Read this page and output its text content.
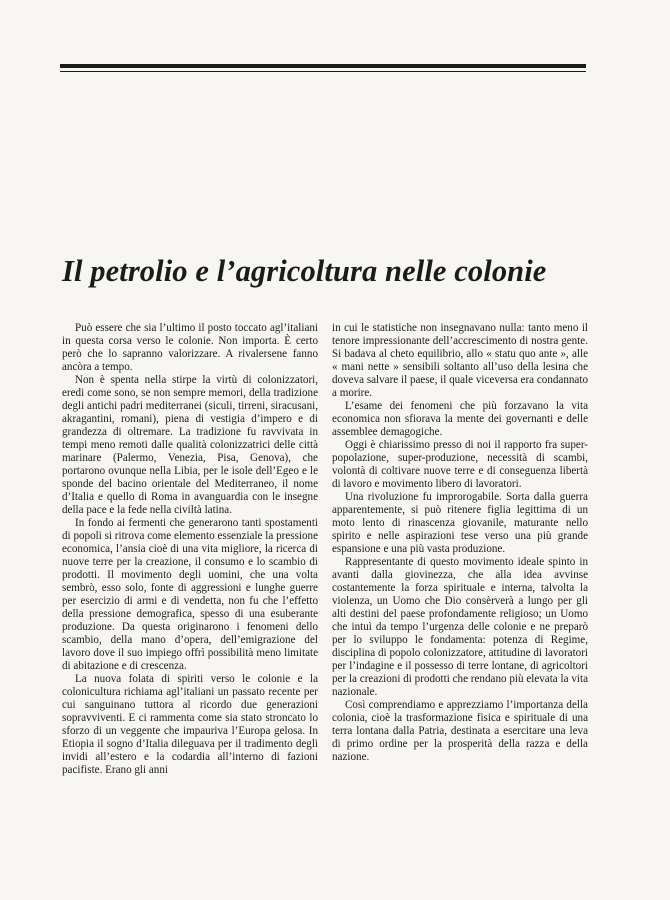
Il petrolio e l’agricoltura nelle colonie

Può essere che sia l’ultimo il posto toccato agl’italiani in questa corsa verso le colonie. Non importa. È certo però che lo sapranno valorizzare. A rivalersene fanno ancòra a tempo.

Non è spenta nella stirpe la virtù di colonizzatori, eredi come sono, se non sempre memori, della tradizione degli antichi padri mediterranei (siculi, tirreni, siracusani, akragantini, romani), piena di vestigia d’impero e di grandezza di oltremare. La tradizione fu ravvivata in tempi meno remoti dalle qualità colonizzatrici delle città marinare (Palermo, Venezia, Pisa, Genova), che portarono ovunque nella Libia, per le isole dell’Egeo e le sponde del bacino orientale del Mediterraneo, il nome d’Italia e quello di Roma in avanguardia con le insegne della pace e la fede nella civiltà latina.

In fondo ai fermenti che generarono tanti spostamenti di popoli si ritrova come elemento essenziale la pressione economica, l’ansia cioè di una vita migliore, la ricerca di nuove terre per la creazione, il consumo e lo scambio di prodotti. Il movimento degli uomini, che una volta sembrò, esso solo, fonte di aggressioni e lunghe guerre per esercizio di armi e di vendetta, non fu che l’effetto della pressione demografica, spesso di una esuberante produzione. Da questa originarono i fenomeni dello scambio, della mano d’opera, dell’emigrazione del lavoro dove il suo impiego offrì possibilità meno limitate di abitazione e di crescenza.

La nuova folata di spiriti verso le colonie e la colonicultura richiama agl’italiani un passato recente per cui sanguinano tuttora al ricordo due generazioni sopravviventi. E ci rammenta come sia stato stroncato lo sforzo di un veggente che impauriva l’Europa gelosa. In Etiopia il sogno d’Italia dileguava per il tradimento degli invidi all’estero e la codardia all’interno di fazioni pacifiste. Erano gli anni

in cui le statistiche non insegnavano nulla: tanto meno il tenore impressionante dell’accrescimento di nostra gente. Si badava al cheto equilibrio, allo « statu quo ante », alle « mani nette » sensibili soltanto all’uso della lesina che doveva salvare il paese, il quale viceversa era condannato a morire.

L’esame dei fenomeni che più forzavano la vita economica non sfiorava la mente dei governanti e delle assemblee demagogiche.

Oggi è chiarissimo presso di noi il rapporto fra super-popolazione, super-produzione, necessità di scambi, volontà di coltivare nuove terre e di conseguenza libertà di lavoro e movimento libero di lavoratori.

Una rivoluzione fu improrogabile. Sorta dalla guerra apparentemente, si può ritenere figlia legittima di un moto lento di rinascenza giovanile, maturante nello spirito e nelle aspirazioni tese verso una più grande espansione e una più vasta produzione.

Rappresentante di questo movimento ideale spinto in avanti dalla giovinezza, che alla idea avvinse costantemente la forza spirituale e interna, talvolta la violenza, un Uomo che Dio consèrverà a lungo per gli alti destini del paese profondamente religioso; un Uomo che intuì da tempo l’urgenza delle colonie e ne preparò per lo sviluppo le fondamenta: potenza di Regime, disciplina di popolo colonizzatore, attitudine di lavoratori per l’indagine e il possesso di terre lontane, di agricoltori per la creazioni di prodotti che rendano più elevata la vita nazionale.

Così comprendiamo e apprezziamo l’importanza della colonia, cioè la trasformazione fisica e spirituale di una terra lontana dalla Patria, destinata a esercitare una leva di primo ordine per la prosperità della razza e della nazione.
